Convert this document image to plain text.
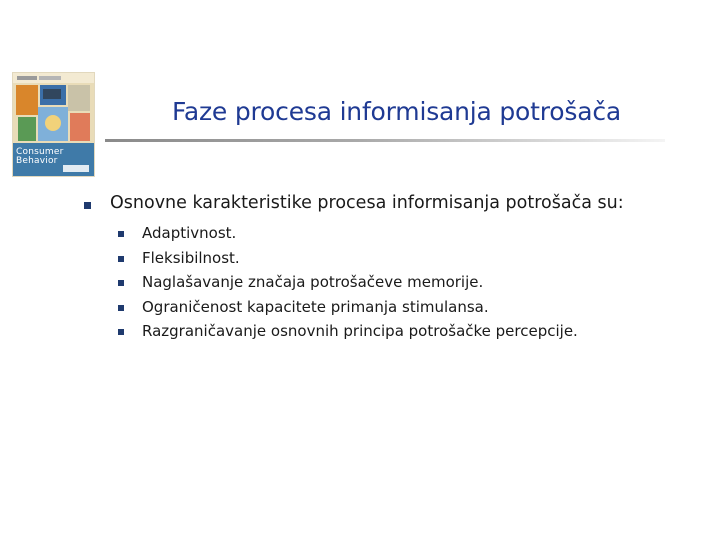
Consumer
Behavior
Faze procesa informisanja potrošača
Osnovne karakteristike procesa informisanja potrošača su:
Adaptivnost.
Fleksibilnost.
Naglašavanje značaja potrošačeve memorije.
Ograničenost kapacitete primanja stimulansa.
Razgraničavanje osnovnih principa potrošačke percepcije.
